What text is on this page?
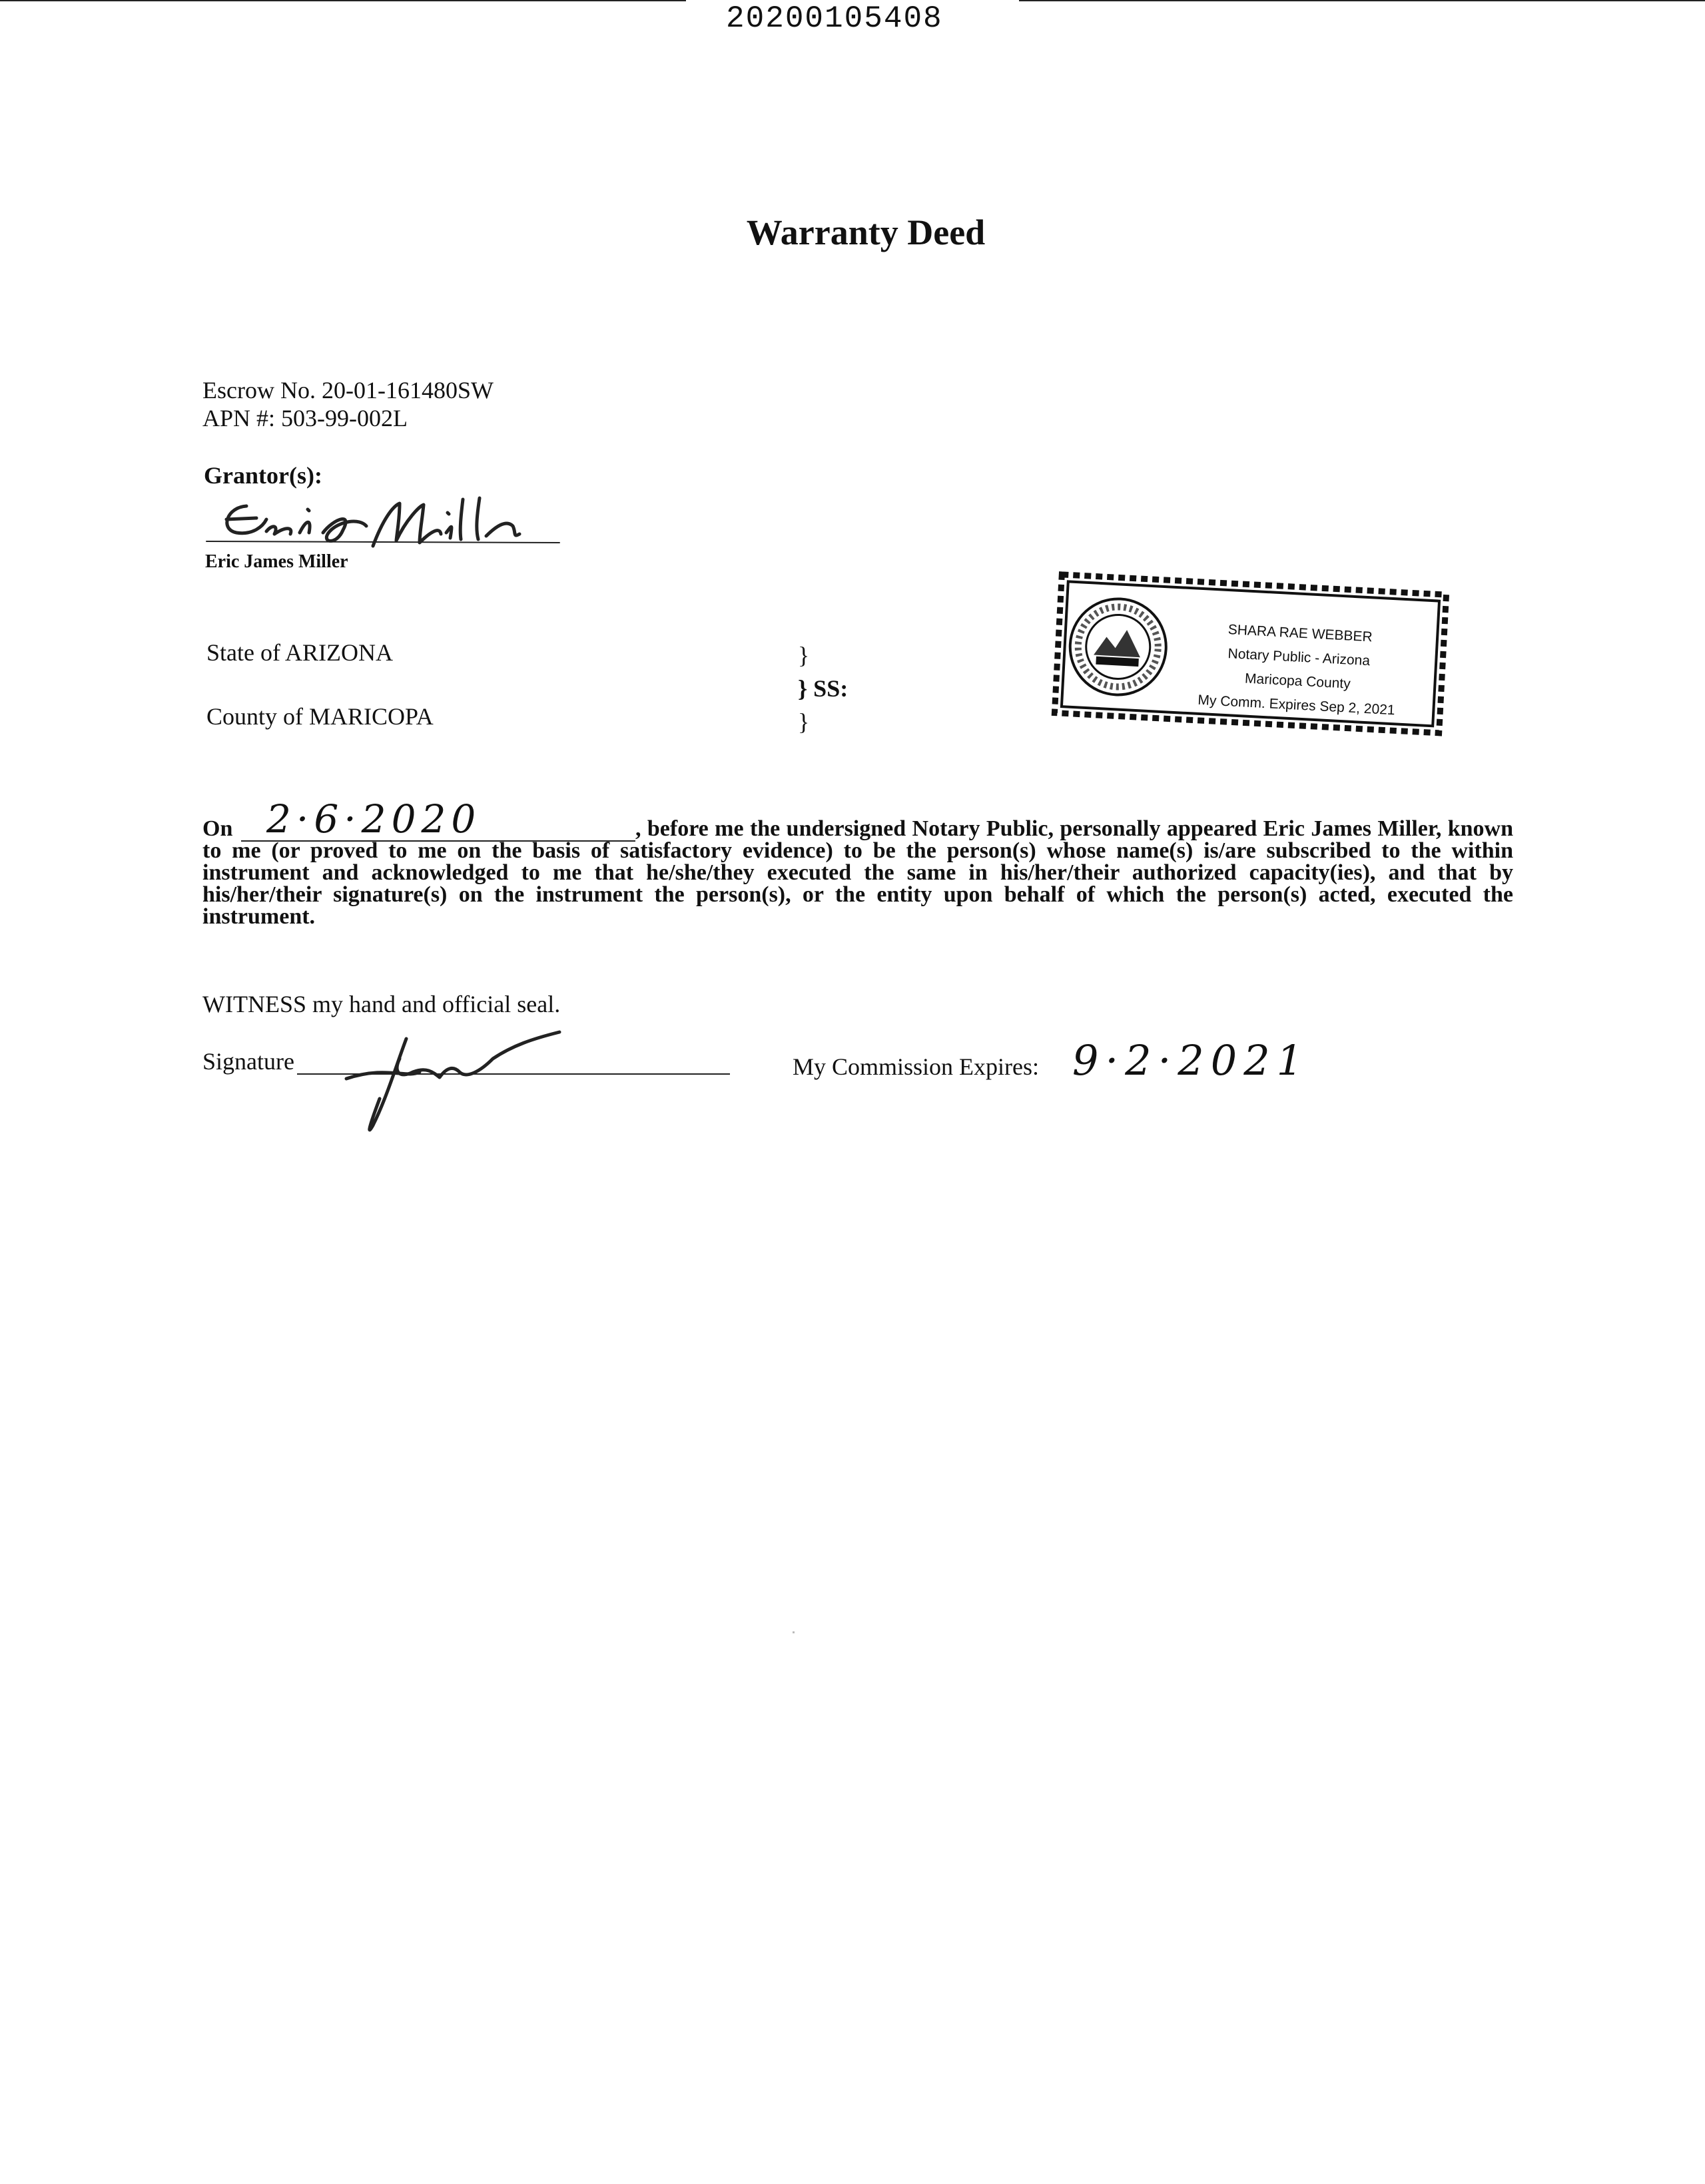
20200105408
Warranty Deed
Escrow No. 20-01-161480SW
APN #: 503-99-002L
Grantor(s):
Eric James Miller
State of ARIZONA
County of MARICOPA
}
} SS:
}
SHARA RAE WEBBER
Notary Public - Arizona
Maricopa County
My Comm. Expires Sep 2, 2021
On 2·6·2020	, before me the undersigned Notary Public, personally appeared Eric James Miller, known to me (or proved to me on the basis of satisfactory evidence) to be the person(s) whose name(s) is/are subscribed to the within instrument and acknowledged to me that he/she/they executed the same in his/her/their authorized capacity(ies), and that by his/her/their signature(s) on the instrument the person(s), or the entity upon behalf of which the person(s) acted, executed the instrument.
WITNESS my hand and official seal.
Signature	My Commission Expires: 9·2·2021
